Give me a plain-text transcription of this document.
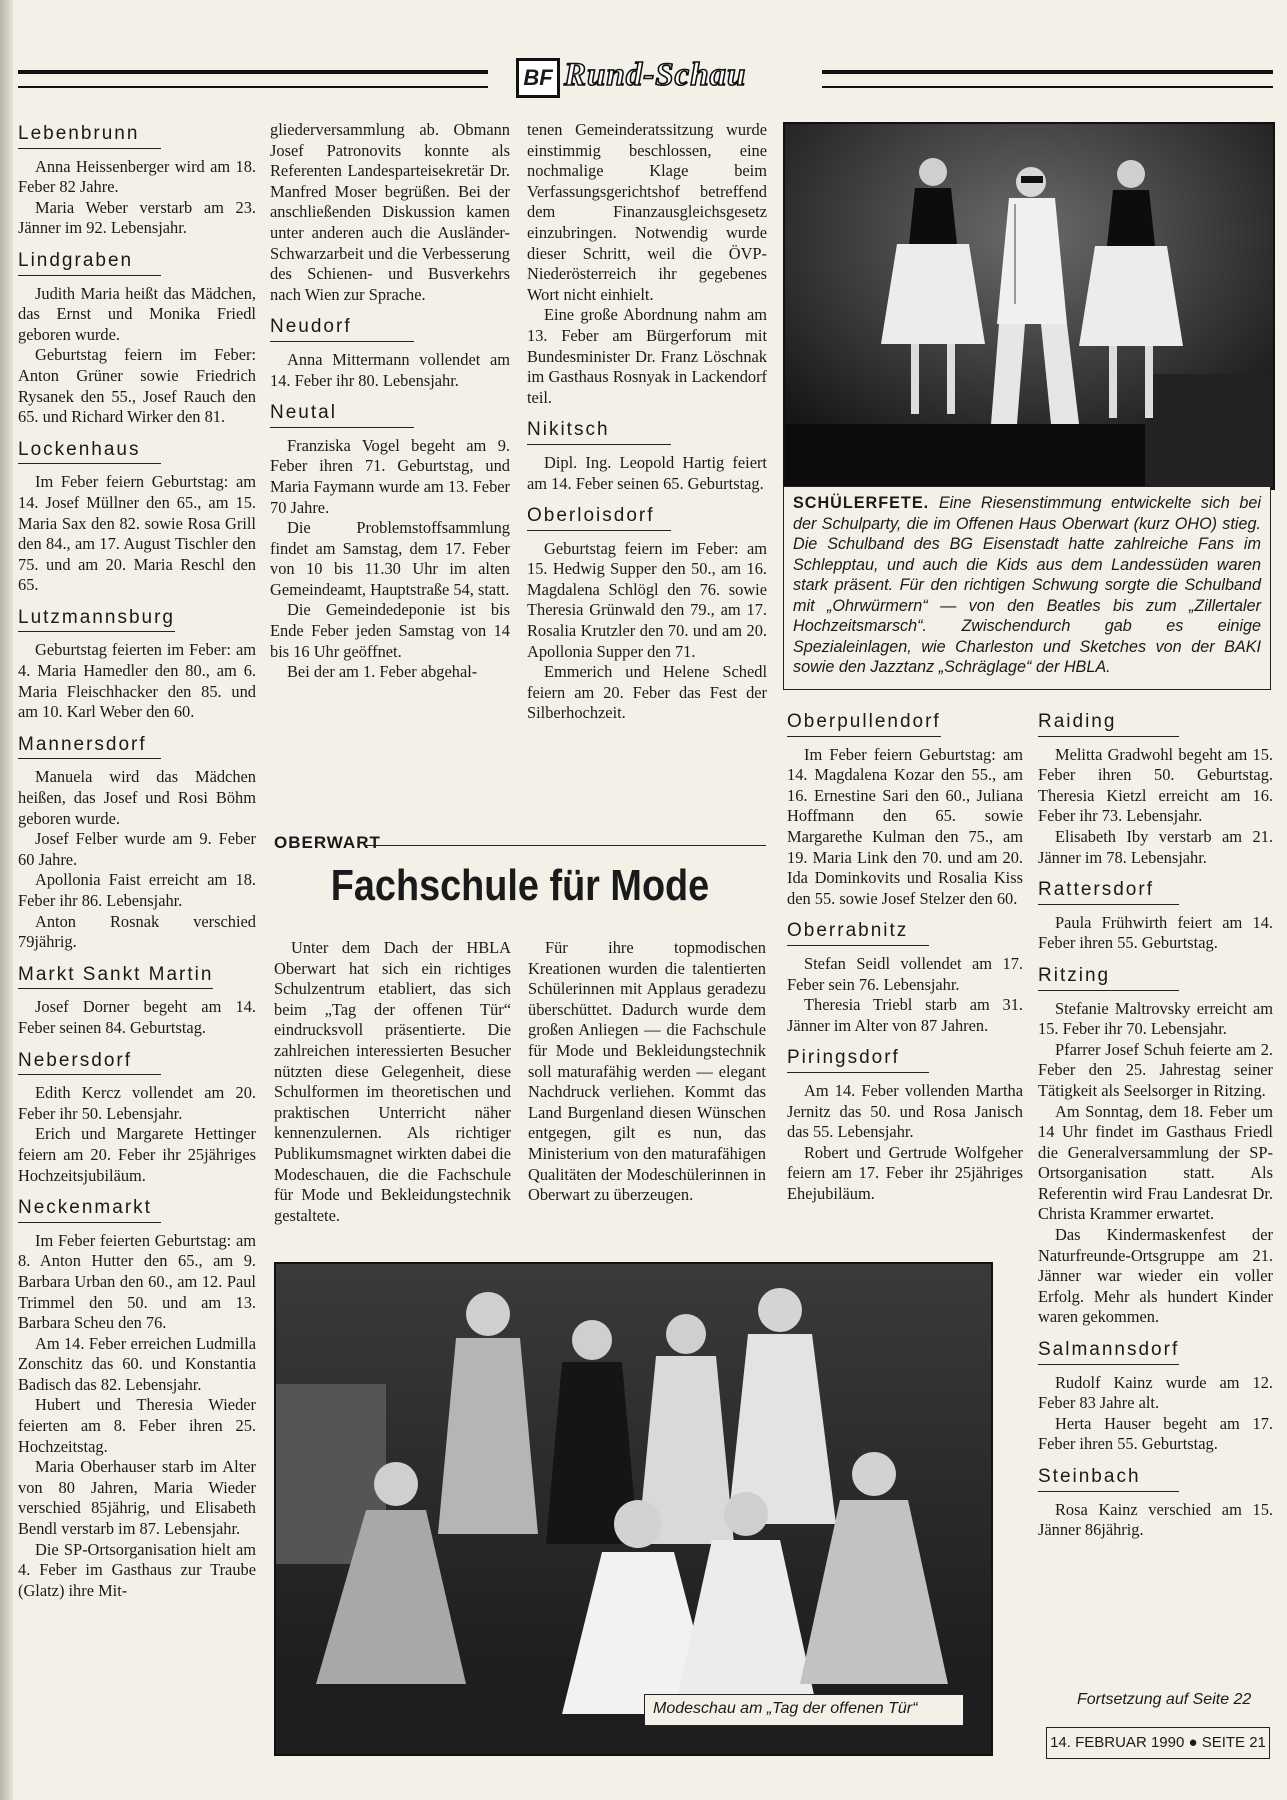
BF Rund-Schau
Lebenbrunn

Anna Heissenberger wird am 18. Feber 82 Jahre.

Maria Weber verstarb am 23. Jänner im 92. Lebensjahr.

Lindgraben

Judith Maria heißt das Mädchen, das Ernst und Monika Friedl geboren wurde.

Geburtstag feiern im Feber: Anton Grüner sowie Friedrich Rysanek den 55., Josef Rauch den 65. und Richard Wirker den 81.

Lockenhaus

Im Feber feiern Geburtstag: am 14. Josef Müllner den 65., am 15. Maria Sax den 82. sowie Rosa Grill den 84., am 17. August Tischler den 75. und am 20. Maria Reschl den 65.

Lutzmannsburg

Geburtstag feierten im Feber: am 4. Maria Hamedler den 80., am 6. Maria Fleischhacker den 85. und am 10. Karl Weber den 60.

Mannersdorf

Manuela wird das Mädchen heißen, das Josef und Rosi Böhm geboren wurde.

Josef Felber wurde am 9. Feber 60 Jahre.

Apollonia Faist erreicht am 18. Feber ihr 86. Lebensjahr.

Anton Rosnak verschied 79jährig.

Markt Sankt Martin

Josef Dorner begeht am 14. Feber seinen 84. Geburtstag.

Nebersdorf

Edith Kercz vollendet am 20. Feber ihr 50. Lebensjahr.

Erich und Margarete Hettinger feiern am 20. Feber ihr 25jähriges Hochzeitsjubiläum.

Neckenmarkt

Im Feber feierten Geburtstag: am 8. Anton Hutter den 65., am 9. Barbara Urban den 60., am 12. Paul Trimmel den 50. und am 13. Barbara Scheu den 76.

Am 14. Feber erreichen Ludmilla Zonschitz das 60. und Konstantia Badisch das 82. Lebensjahr.

Hubert und Theresia Wieder feierten am 8. Feber ihren 25. Hochzeitstag.

Maria Oberhauser starb im Alter von 80 Jahren, Maria Wieder verschied 85jährig, und Elisabeth Bendl verstarb im 87. Lebensjahr.

Die SP-Ortsorganisation hielt am 4. Feber im Gasthaus zur Traube (Glatz) ihre Mit-

gliederversammlung ab. Obmann Josef Patronovits konnte als Referenten Landesparteisekretär Dr. Manfred Moser begrüßen. Bei der anschließenden Diskussion kamen unter anderen auch die Ausländer-Schwarzarbeit und die Verbesserung des Schienen- und Busverkehrs nach Wien zur Sprache.

Neudorf

Anna Mittermann vollendet am 14. Feber ihr 80. Lebensjahr.

Neutal

Franziska Vogel begeht am 9. Feber ihren 71. Geburtstag, und Maria Faymann wurde am 13. Feber 70 Jahre.

Die Problemstoffsammlung findet am Samstag, dem 17. Feber von 10 bis 11.30 Uhr im alten Gemeindeamt, Hauptstraße 54, statt.

Die Gemeindedeponie ist bis Ende Feber jeden Samstag von 14 bis 16 Uhr geöffnet.

Bei der am 1. Feber abgehal-

tenen Gemeinderatssitzung wurde einstimmig beschlossen, eine nochmalige Klage beim Verfassungsgerichtshof betreffend dem Finanzausgleichsgesetz einzubringen. Notwendig wurde dieser Schritt, weil die ÖVP-Niederösterreich ihr gegebenes Wort nicht einhielt.

Eine große Abordnung nahm am 13. Feber am Bürgerforum mit Bundesminister Dr. Franz Löschnak im Gasthaus Rosnyak in Lackendorf teil.

Nikitsch

Dipl. Ing. Leopold Hartig feiert am 14. Feber seinen 65. Geburtstag.

Oberloisdorf

Geburtstag feiern im Feber: am 15. Hedwig Supper den 50., am 16. Magdalena Schlögl den 76. sowie Theresia Grünwald den 79., am 17. Rosalia Krutzler den 70. und am 20. Apollonia Supper den 71.

Emmerich und Helene Schedl feiern am 20. Feber das Fest der Silberhochzeit.

SCHÜLERFETE. Eine Riesenstimmung entwickelte sich bei der Schulparty, die im Offenen Haus Oberwart (kurz OHO) stieg. Die Schulband des BG Eisenstadt hatte zahlreiche Fans im Schlepptau, und auch die Kids aus dem Landessüden waren stark präsent. Für den richtigen Schwung sorgte die Schulband mit „Ohrwürmern“ — von den Beatles bis zum „Zillertaler Hochzeitsmarsch“. Zwischendurch gab es einige Spezialeinlagen, wie Charleston und Sketches von der BAKI sowie den Jazztanz „Schräglage“ der HBLA.
Oberpullendorf

Im Feber feiern Geburtstag: am 14. Magdalena Kozar den 55., am 16. Ernestine Sari den 60., Juliana Hoffmann den 65. sowie Margarethe Kulman den 75., am 19. Maria Link den 70. und am 20. Ida Dominkovits und Rosalia Kiss den 55. sowie Josef Stelzer den 60.

Oberrabnitz

Stefan Seidl vollendet am 17. Feber sein 76. Lebensjahr.

Theresia Triebl starb am 31. Jänner im Alter von 87 Jahren.

Piringsdorf

Am 14. Feber vollenden Martha Jernitz das 50. und Rosa Janisch das 55. Lebensjahr.

Robert und Gertrude Wolfgeher feiern am 17. Feber ihr 25jähriges Ehejubiläum.

Raiding

Melitta Gradwohl begeht am 15. Feber ihren 50. Geburtstag. Theresia Kietzl erreicht am 16. Feber ihr 73. Lebensjahr.

Elisabeth Iby verstarb am 21. Jänner im 78. Lebensjahr.

Rattersdorf

Paula Frühwirth feiert am 14. Feber ihren 55. Geburtstag.

Ritzing

Stefanie Maltrovsky erreicht am 15. Feber ihr 70. Lebensjahr.

Pfarrer Josef Schuh feierte am 2. Feber den 25. Jahrestag seiner Tätigkeit als Seelsorger in Ritzing.

Am Sonntag, dem 18. Feber um 14 Uhr findet im Gasthaus Friedl die Generalversammlung der SP-Ortsorganisation statt. Als Referentin wird Frau Landesrat Dr. Christa Krammer erwartet.

Das Kindermaskenfest der Naturfreunde-Ortsgruppe am 21. Jänner war wieder ein voller Erfolg. Mehr als hundert Kinder waren gekommen.

Salmannsdorf

Rudolf Kainz wurde am 12. Feber 83 Jahre alt.

Herta Hauser begeht am 17. Feber ihren 55. Geburtstag.

Steinbach

Rosa Kainz verschied am 15. Jänner 86jährig.

OBERWART
Fachschule für Mode

Unter dem Dach der HBLA Oberwart hat sich ein richtiges Schulzentrum etabliert, das sich beim „Tag der offenen Tür“ eindrucksvoll präsentierte. Die zahlreichen interessierten Besucher nützten diese Gelegenheit, diese Schulformen im theoretischen und praktischen Unterricht näher kennenzulernen. Als richtiger Publikumsmagnet wirkten dabei die Modeschauen, die die Fachschule für Mode und Bekleidungstechnik gestaltete.

Für ihre topmodischen Kreationen wurden die talentierten Schülerinnen mit Applaus geradezu überschüttet. Dadurch wurde dem großen Anliegen — die Fachschule für Mode und Bekleidungstechnik soll maturafähig werden — elegant Nachdruck verliehen. Kommt das Land Burgenland diesen Wünschen entgegen, gilt es nun, das Ministerium von den maturafähigen Qualitäten der Modeschülerinnen in Oberwart zu überzeugen.

Modeschau am „Tag der offenen Tür“
Fortsetzung auf Seite 22
14. FEBRUAR 1990 ● SEITE 21
